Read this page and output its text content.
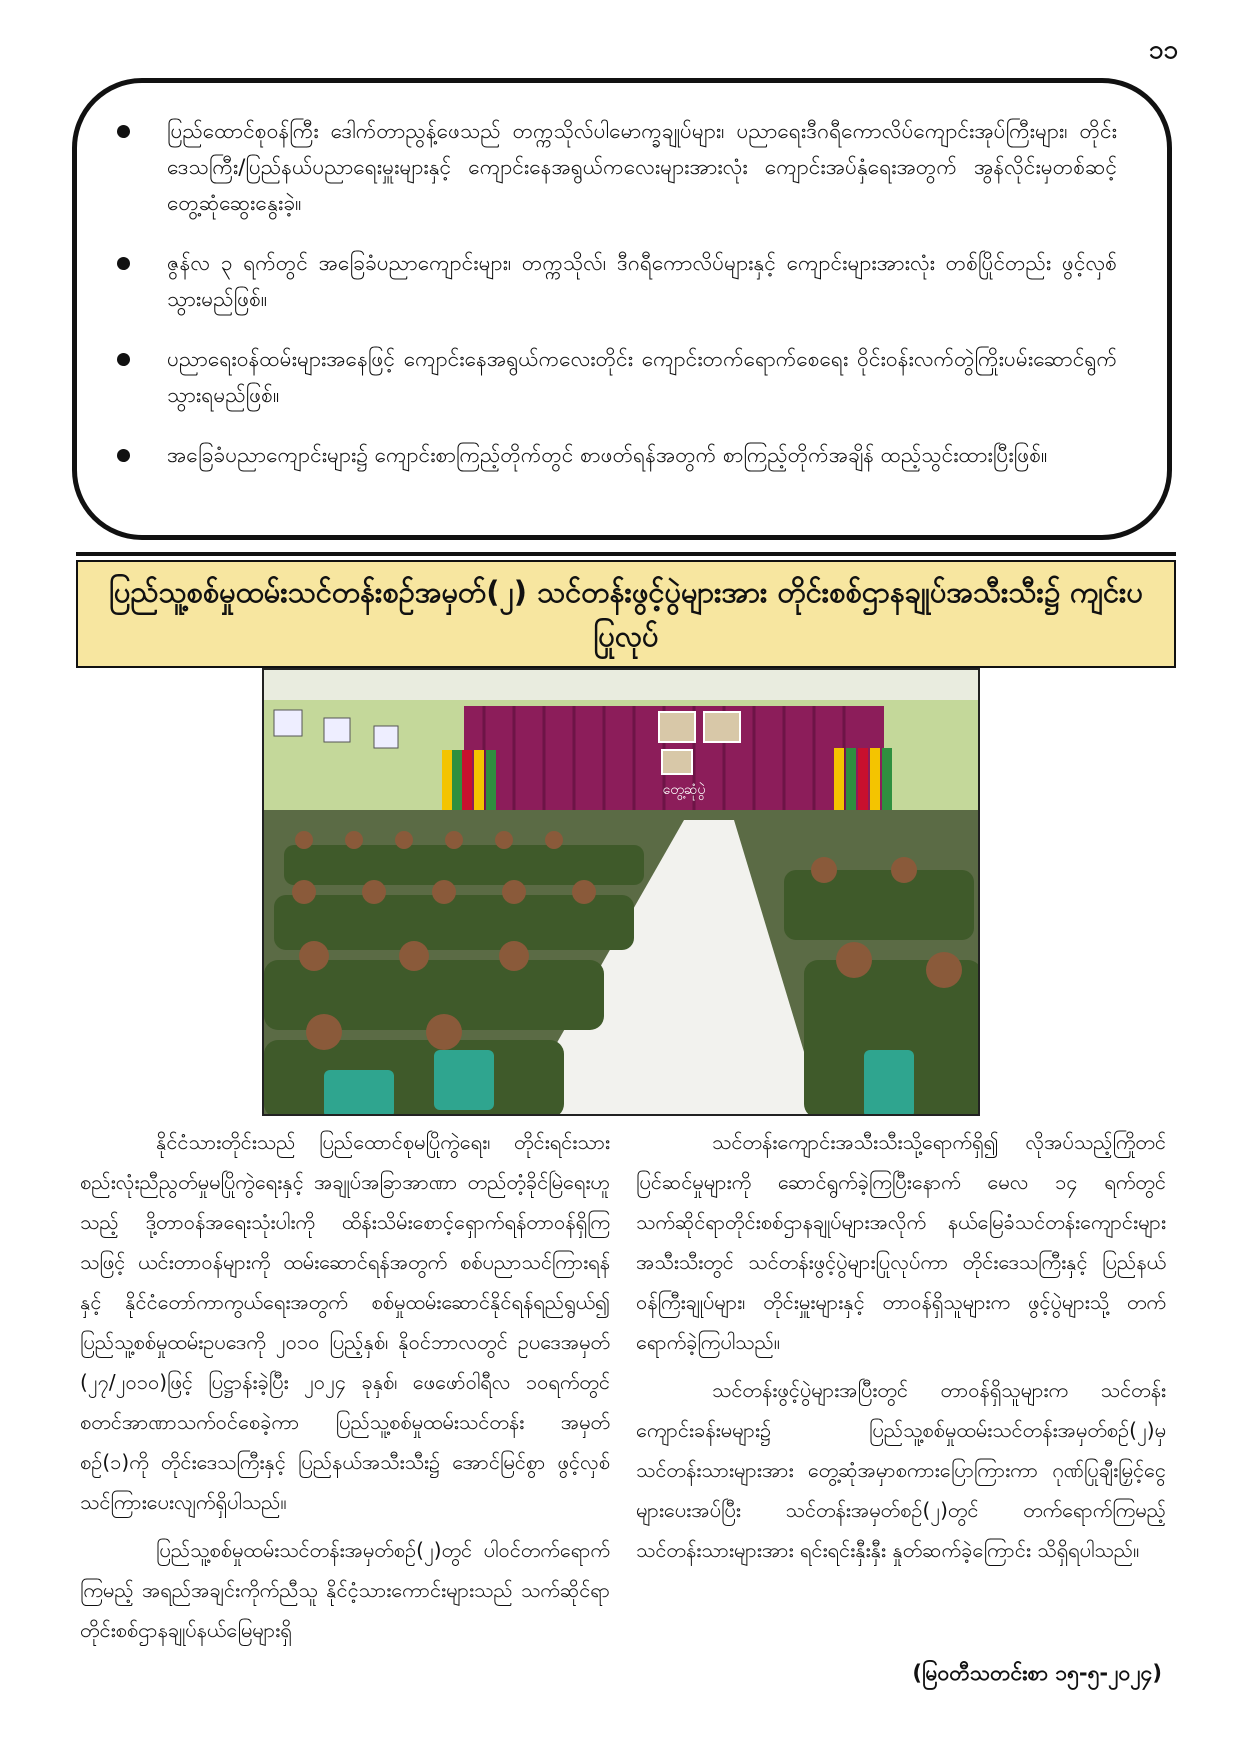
၁၁
ပြည်ထောင်စုဝန်ကြီး ဒေါက်တာညွန့်ဖေသည် တက္ကသိုလ်ပါမောက္ခချုပ်များ၊ ပညာရေးဒီဂရီကောလိပ်ကျောင်းအုပ်ကြီးများ၊ တိုင်းဒေသကြီး/ပြည်နယ်ပညာရေးမှူးများနှင့် ကျောင်းနေအရွယ်ကလေးများအားလုံး ကျောင်းအပ်နှံရေးအတွက် အွန်လိုင်းမှတစ်ဆင့် တွေ့ဆုံဆွေးနွေးခဲ့။
ဇွန်လ ၃ ရက်တွင် အခြေခံပညာကျောင်းများ၊ တက္ကသိုလ်၊ ဒီဂရီကောလိပ်များနှင့် ကျောင်းများအားလုံး တစ်ပြိုင်တည်း ဖွင့်လှစ်သွားမည်ဖြစ်။
ပညာရေးဝန်ထမ်းများအနေဖြင့် ကျောင်းနေအရွယ်ကလေးတိုင်း ကျောင်းတက်ရောက်စေရေး ဝိုင်းဝန်းလက်တွဲကြိုးပမ်းဆောင်ရွက်သွားရမည်ဖြစ်။
အခြေခံပညာကျောင်းများ၌ ကျောင်းစာကြည့်တိုက်တွင် စာဖတ်ရန်အတွက် စာကြည့်တိုက်အချိန် ထည့်သွင်းထားပြီးဖြစ်။
ပြည်သူ့စစ်မှုထမ်းသင်တန်းစဉ်အမှတ်(၂) သင်တန်းဖွင့်ပွဲများအား တိုင်းစစ်ဌာနချုပ်အသီးသီး၌ ကျင်းပပြုလုပ်
တွေ့ဆုံပွဲ

နိုင်ငံသားတိုင်းသည် ပြည်ထောင်စုမပြိုကွဲရေး၊ တိုင်းရင်းသားစည်းလုံးညီညွတ်မှုမပြိုကွဲရေးနှင့် အချုပ်အခြာအာဏာ တည်တံ့ခိုင်မြဲရေးဟူသည့် ဒို့တာဝန်အရေးသုံးပါးကို ထိန်းသိမ်းစောင့်ရှောက်ရန်တာဝန်ရှိကြသဖြင့် ယင်းတာဝန်များကို ထမ်းဆောင်ရန်အတွက် စစ်ပညာသင်ကြားရန်နှင့် နိုင်ငံတော်ကာကွယ်ရေးအတွက် စစ်မှုထမ်းဆောင်နိုင်ရန်ရည်ရွယ်၍ ပြည်သူ့စစ်မှုထမ်းဥပဒေကို ၂၀၁၀ ပြည့်နှစ်၊ နိုဝင်ဘာလတွင် ဥပဒေအမှတ် (၂၇/၂၀၁၀)ဖြင့် ပြဋ္ဌာန်းခဲ့ပြီး ၂၀၂၄ ခုနှစ်၊ ဖေဖော်ဝါရီလ ၁၀ရက်တွင် စတင်အာဏာသက်ဝင်စေခဲ့ကာ ပြည်သူ့စစ်မှုထမ်းသင်တန်း အမှတ်စဉ်(၁)ကို တိုင်းဒေသကြီးနှင့် ပြည်နယ်အသီးသီး၌ အောင်မြင်စွာ ဖွင့်လှစ်သင်ကြားပေးလျက်ရှိပါသည်။

ပြည်သူ့စစ်မှုထမ်းသင်တန်းအမှတ်စဉ်(၂)တွင် ပါဝင်တက်ရောက်ကြမည့် အရည်အချင်းကိုက်ညီသူ နိုင်ငံ့သားကောင်းများသည် သက်ဆိုင်ရာတိုင်းစစ်ဌာနချုပ်နယ်မြေများရှိ

သင်တန်းကျောင်းအသီးသီးသို့ရောက်ရှိ၍ လိုအပ်သည့်ကြိုတင်ပြင်ဆင်မှုများကို ဆောင်ရွက်ခဲ့ကြပြီးနောက် မေလ ၁၄ ရက်တွင် သက်ဆိုင်ရာတိုင်းစစ်ဌာနချုပ်များအလိုက် နယ်မြေခံသင်တန်းကျောင်းများအသီးသီးတွင် သင်တန်းဖွင့်ပွဲများပြုလုပ်ကာ တိုင်းဒေသကြီးနှင့် ပြည်နယ်ဝန်ကြီးချုပ်များ၊ တိုင်းမှူးများနှင့် တာဝန်ရှိသူများက ဖွင့်ပွဲများသို့ တက်ရောက်ခဲ့ကြပါသည်။

သင်တန်းဖွင့်ပွဲများအပြီးတွင် တာဝန်ရှိသူများက သင်တန်းကျောင်းခန်းမများ၌ ပြည်သူ့စစ်မှုထမ်းသင်တန်းအမှတ်စဉ်(၂)မှ သင်တန်းသားများအား တွေ့ဆုံအမှာစကားပြောကြားကာ ဂုဏ်ပြုချီးမြှင့်ငွေများပေးအပ်ပြီး သင်တန်းအမှတ်စဉ်(၂)တွင် တက်ရောက်ကြမည့် သင်တန်းသားများအား ရင်းရင်းနှီးနှီး နှုတ်ဆက်ခဲ့ကြောင်း သိရှိရပါသည်။

(မြဝတီသတင်းစာ ၁၅-၅-၂၀၂၄)
